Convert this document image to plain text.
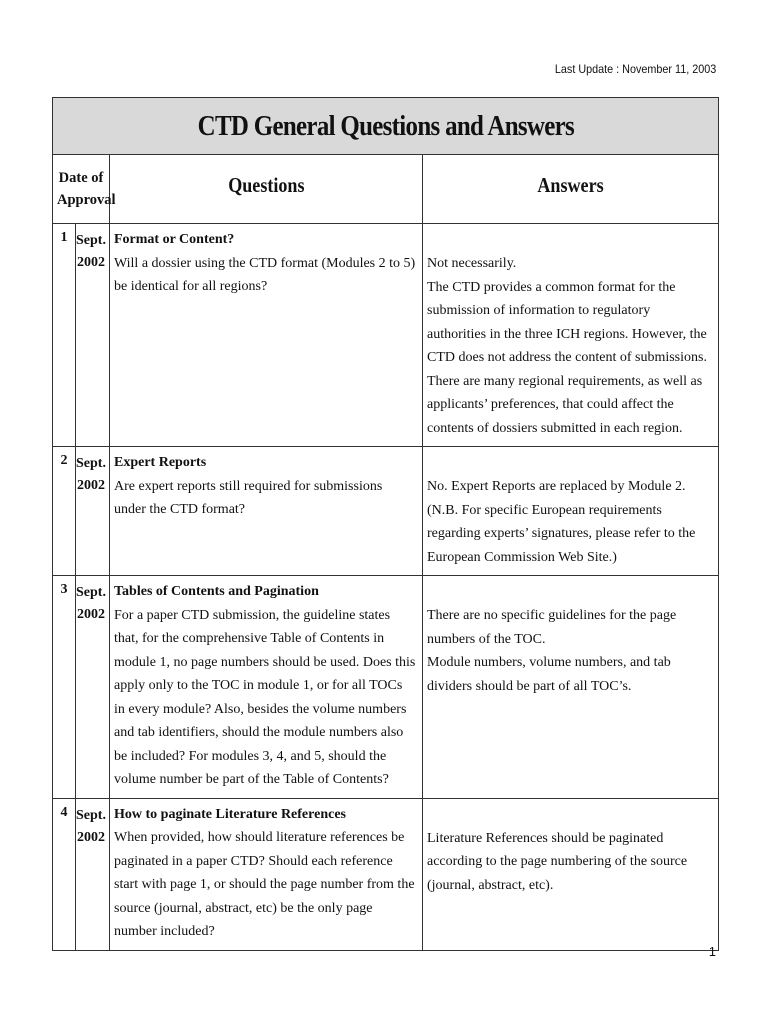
Last Update : November 11, 2003
CTD General Questions and Answers			
Date of Approval		Questions	Answers
1	Sept. 2002	Format or Content?
Will a dossier using the CTD format (Modules 2 to 5) be identical for all regions?	Not necessarily.
The CTD provides a common format for the submission of information to regulatory authorities in the three ICH regions. However, the CTD does not address the content of submissions. There are many regional requirements, as well as applicants’ preferences, that could affect the contents of dossiers submitted in each region.

2	Sept. 2002	Expert Reports
Are expert reports still required for submissions under the CTD format?	No. Expert Reports are replaced by Module 2.
(N.B. For specific European requirements regarding experts’ signatures, please refer to the European Commission Web Site.)

3	Sept. 2002	Tables of Contents and Pagination
For a paper CTD submission, the guideline states that, for the comprehensive Table of Contents in module 1, no page numbers should be used. Does this apply only to the TOC in module 1, or for all TOCs in every module? Also, besides the volume numbers and tab identifiers, should the module numbers also be included? For modules 3, 4, and 5, should the volume number be part of the Table of Contents?	There are no specific guidelines for the page numbers of the TOC.
Module numbers, volume numbers, and tab dividers should be part of all TOC’s.

4	Sept. 2002	How to paginate Literature References
When provided, how should literature references be paginated in a paper CTD? Should each reference start with page 1, or should the page number from the source (journal, abstract, etc) be the only page number included?	Literature References should be paginated according to the page numbering of the source (journal, abstract, etc).
1
